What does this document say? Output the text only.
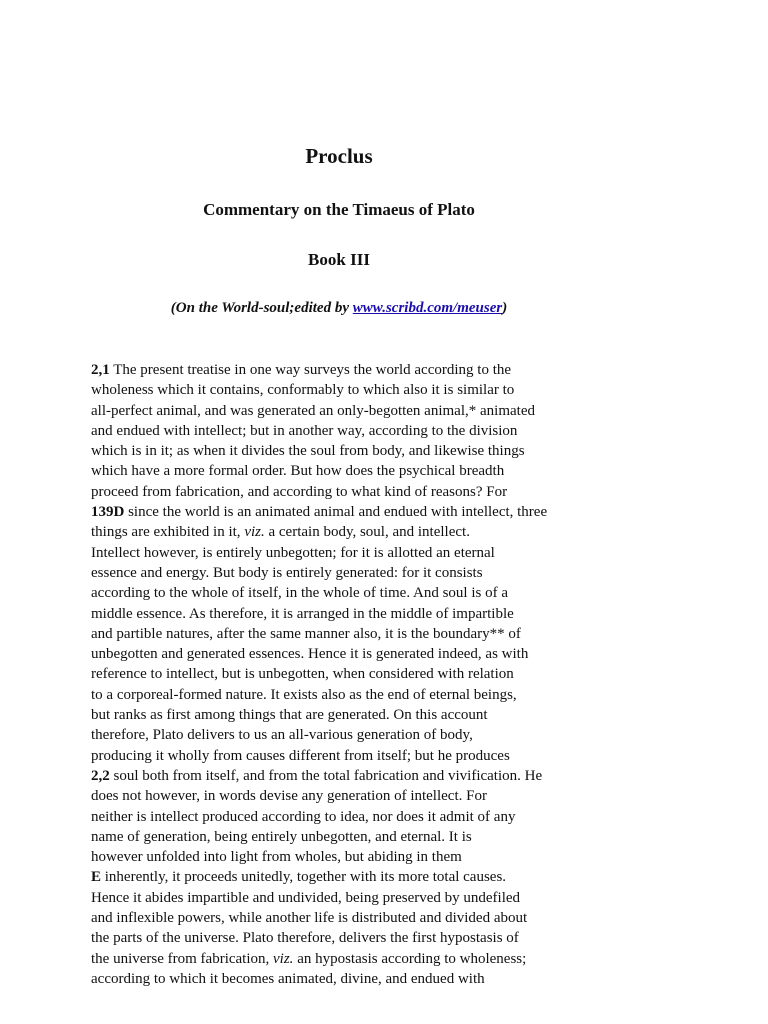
Proclus
Commentary on the Timaeus of Plato
Book III

(On the World-soul;edited by www.scribd.com/meuser)

2,1 The present treatise in one way surveys the world according to the
wholeness which it contains, conformably to which also it is similar to
all-perfect animal, and was generated an only-begotten animal,* animated
and endued with intellect; but in another way, according to the division
which is in it; as when it divides the soul from body, and likewise things
which have a more formal order. But how does the psychical breadth
proceed from fabrication, and according to what kind of reasons? For
139D since the world is an animated animal and endued with intellect, three
things are exhibited in it, viz. a certain body, soul, and intellect.
Intellect however, is entirely unbegotten; for it is allotted an eternal
essence and energy. But body is entirely generated: for it consists
according to the whole of itself, in the whole of time. And soul is of a
middle essence. As therefore, it is arranged in the middle of impartible
and partible natures, after the same manner also, it is the boundary** of
unbegotten and generated essences. Hence it is generated indeed, as with
reference to intellect, but is unbegotten, when considered with relation
to a corporeal-formed nature. It exists also as the end of eternal beings,
but ranks as first among things that are generated. On this account
therefore, Plato delivers to us an all-various generation of body,
producing it wholly from causes different from itself; but he produces
2,2 soul both from itself, and from the total fabrication and vivification. He
does not however, in words devise any generation of intellect. For
neither is intellect produced according to idea, nor does it admit of any
name of generation, being entirely unbegotten, and eternal. It is
however unfolded into light from wholes, but abiding in them
E inherently, it proceeds unitedly, together with its more total causes.
Hence it abides impartible and undivided, being preserved by undefiled
and inflexible powers, while another life is distributed and divided about
the parts of the universe. Plato therefore, delivers the first hypostasis of
the universe from fabrication, viz. an hypostasis according to wholeness;
according to which it becomes animated, divine, and endued with
